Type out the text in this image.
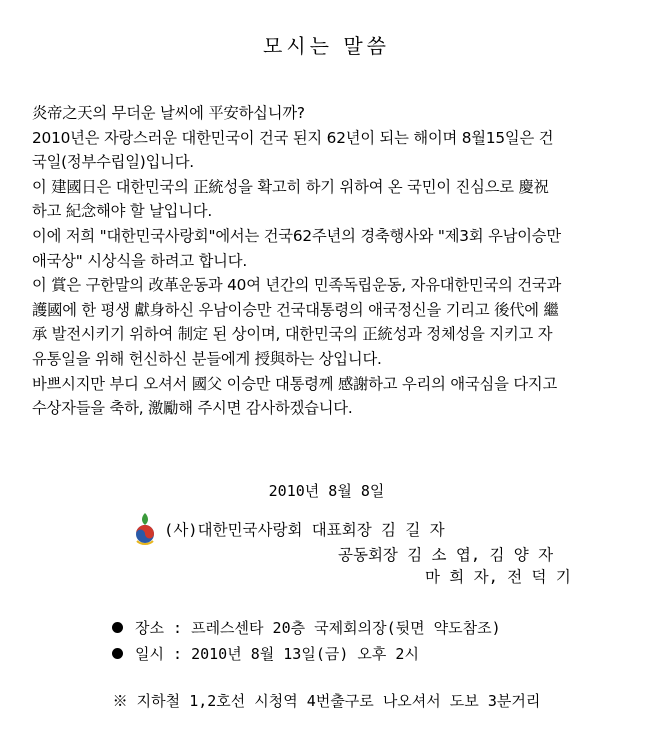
모시는 말씀
炎帝之天의 무더운 날씨에 平安하십니까?
2010년은 자랑스러운 대한민국이 건국 된지 62년이 되는 해이며 8월15일은 건
국일(정부수립일)입니다.
이 建國日은 대한민국의 正統성을 확고히 하기 위하여 온 국민이 진심으로 慶祝
하고 紀念해야 할 날입니다.
이에 저희 "대한민국사랑회"에서는 건국62주년의 경축행사와 "제3회 우남이승만
애국상" 시상식을 하려고 합니다.
이 賞은 구한말의 改革운동과 40여 년간의 민족독립운동, 자유대한민국의 건국과
護國에 한 평생 獻身하신 우남이승만 건국대통령의 애국정신을 기리고 後代에 繼
承 발전시키기 위하여 制定 된 상이며, 대한민국의 正統성과 정체성을 지키고 자
유통일을 위해 헌신하신 분들에게 授與하는 상입니다.
바쁘시지만 부디 오셔서 國父 이승만 대통령께 感謝하고 우리의 애국심을 다지고
수상자들을 축하, 激勵해 주시면 감사하겠습니다.
2010년 8월 8일
(사)대한민국사랑회 대표회장 김 길 자
공동회장 김 소 엽, 김 양 자
마 희 자, 전 덕 기
장소 : 프레스센타 20층 국제회의장(뒷면 약도참조)
일시 : 2010년 8월 13일(금) 오후 2시
※ 지하철 1,2호선 시청역 4번출구로 나오셔서 도보 3분거리
